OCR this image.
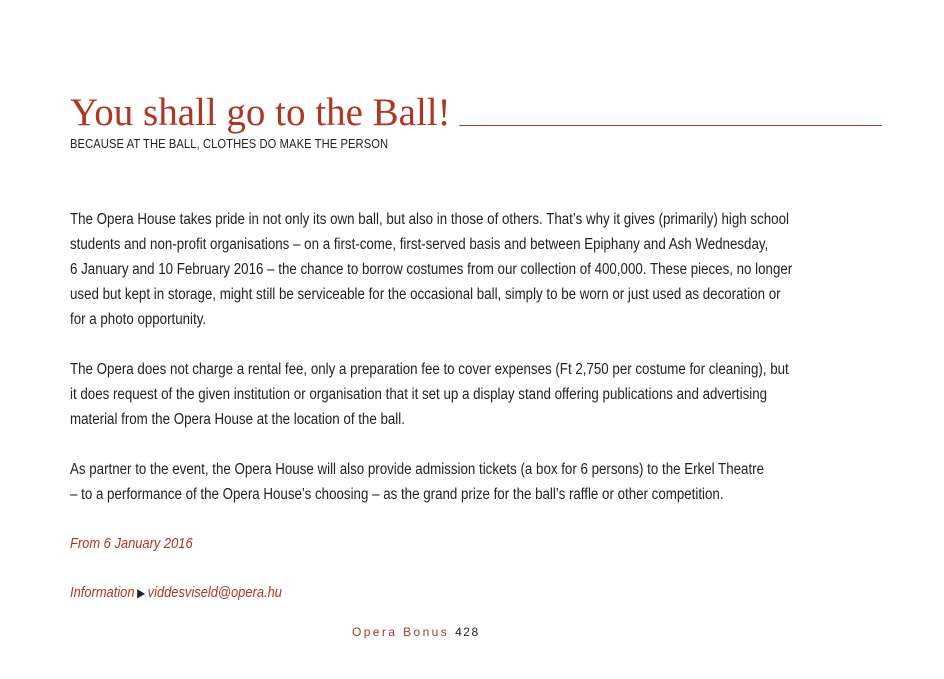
You shall go to the Ball!
BECAUSE AT THE BALL, CLOTHES DO MAKE THE PERSON
The Opera House takes pride in not only its own ball, but also in those of others. That’s why it gives (primarily) high school
students and non-profit organisations – on a first-come, first-served basis and between Epiphany and Ash Wednesday,
6 January and 10 February 2016 – the chance to borrow costumes from our collection of 400,000. These pieces, no longer
used but kept in storage, might still be serviceable for the occasional ball, simply to be worn or just used as decoration or
for a photo opportunity.
The Opera does not charge a rental fee, only a preparation fee to cover expenses (Ft 2,750 per costume for cleaning), but
it does request of the given institution or organisation that it set up a display stand offering publications and advertising
material from the Opera House at the location of the ball.
As partner to the event, the Opera House will also provide admission tickets (a box for 6 persons) to the Erkel Theatre
– to a performance of the Opera House’s choosing – as the grand prize for the ball’s raffle or other competition.
From 6 January 2016
Information ▶ viddesviseld@opera.hu
Opera Bonus 428
